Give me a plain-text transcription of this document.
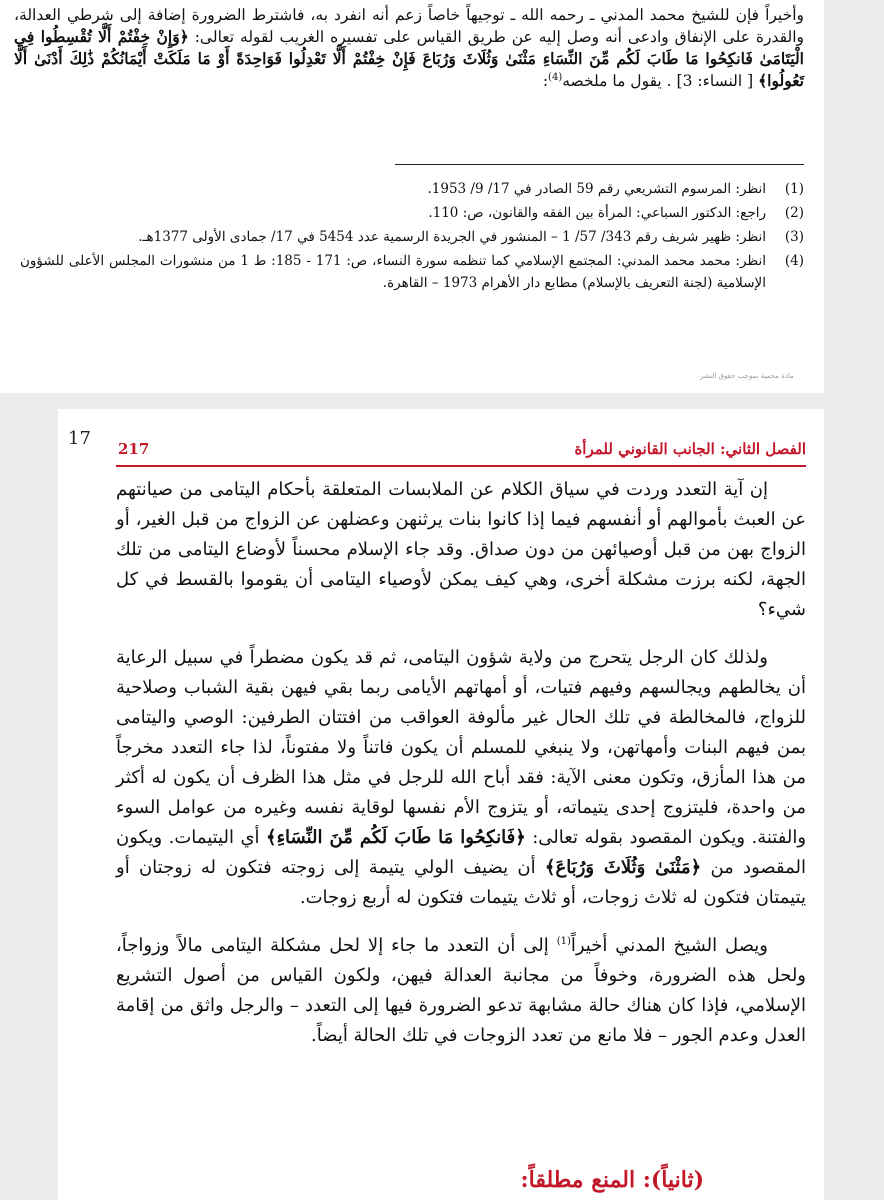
وأخيراً فإن للشيخ محمد المدني ـ رحمه الله ـ توجيهاً خاصاً زعم أنه انفرد به، فاشترط الضرورة إضافة إلى شرطي العدالة، والقدرة على الإنفاق وادعى أنه وصل إليه عن طريق القياس على تفسيره الغريب لقوله تعالى: ﴿وَإِنْ خِفْتُمْ أَلَّا تُقْسِطُوا فِي الْيَتَامَىٰ فَانكِحُوا مَا طَابَ لَكُم مِّنَ النِّسَاءِ مَثْنَىٰ وَثُلَاثَ وَرُبَاعَ فَإِنْ خِفْتُمْ أَلَّا تَعْدِلُوا فَوَاحِدَةً أَوْ مَا مَلَكَتْ أَيْمَانُكُمْ ذَٰلِكَ أَدْنَىٰ أَلَّا تَعُولُوا﴾ [ النساء: 3] . يقول ما ملخصه$^{(4)}$:

(1)
انظر: المرسوم التشريعي رقم 59 الصادر في 17/ 9/ 1953.
(2)
راجع: الدكتور السباعي: المرأة بين الفقه والقانون، ص: 110.
(3)
انظر: ظهير شريف رقم 343/ 57/ 1 – المنشور في الجريدة الرسمية عدد 5454 في 17/ جمادى الأولى 1377هـ.
(4)
انظر: محمد محمد المدني: المجتمع الإسلامي كما تنظمه سورة النساء، ص: 171 - 185: ط 1 من منشورات المجلس الأعلى للشؤون الإسلامية (لجنة التعريف بالإسلام) مطابع دار الأهرام 1973 – القاهرة.
مادة محمية بموجب حقوق النشر
17	الفصل الثاني: الجانب القانوني للمرأة
217

إن آية التعدد وردت في سياق الكلام عن الملابسات المتعلقة بأحكام اليتامى من صيانتهم عن العبث بأموالهم أو أنفسهم فيما إذا كانوا بنات يرثنهن وعضلهن عن الزواج من قبل الغير، أو الزواج بهن من قبل أوصيائهن من دون صداق. وقد جاء الإسلام محسناً لأوضاع اليتامى من تلك الجهة، لكنه برزت مشكلة أخرى، وهي كيف يمكن لأوصياء اليتامى أن يقوموا بالقسط في كل شيء؟

ولذلك كان الرجل يتحرج من ولاية شؤون اليتامى، ثم قد يكون مضطراً في سبيل الرعاية أن يخالطهم ويجالسهم وفيهم فتيات، أو أمهاتهم الأيامى ربما بقي فيهن بقية الشباب وصلاحية للزواج، فالمخالطة في تلك الحال غير مألوفة العواقب من افتتان الطرفين: الوصي واليتامى بمن فيهم البنات وأمهاتهن، ولا ينبغي للمسلم أن يكون فاتناً ولا مفتوناً، لذا جاء التعدد مخرجاً من هذا المأزق، وتكون معنى الآية: فقد أباح الله للرجل في مثل هذا الظرف أن يكون له أكثر من واحدة، فليتزوج إحدى يتيماته، أو يتزوج الأم نفسها لوقاية نفسه وغيره من عوامل السوء والفتنة. ويكون المقصود بقوله تعالى: ﴿فَانكِحُوا مَا طَابَ لَكُم مِّنَ النِّسَاءِ﴾ أي اليتيمات. ويكون المقصود من ﴿مَثْنَىٰ وَثُلَاثَ وَرُبَاعَ﴾ أن يضيف الولي يتيمة إلى زوجته فتكون له زوجتان أو يتيمتان فتكون له ثلاث زوجات، أو ثلاث يتيمات فتكون له أربع زوجات.

ويصل الشيخ المدني أخيراً$^{(1)}$ إلى أن التعدد ما جاء إلا لحل مشكلة اليتامى مالاً وزواجاً، ولحل هذه الضرورة، وخوفاً من مجانبة العدالة فيهن، ولكون القياس من أصول التشريع الإسلامي، فإذا كان هناك حالة مشابهة تدعو الضرورة فيها إلى التعدد – والرجل واثق من إقامة العدل وعدم الجور – فلا مانع من تعدد الزوجات في تلك الحالة أيضاً.

(ثانياً): المنع مطلقاً:
